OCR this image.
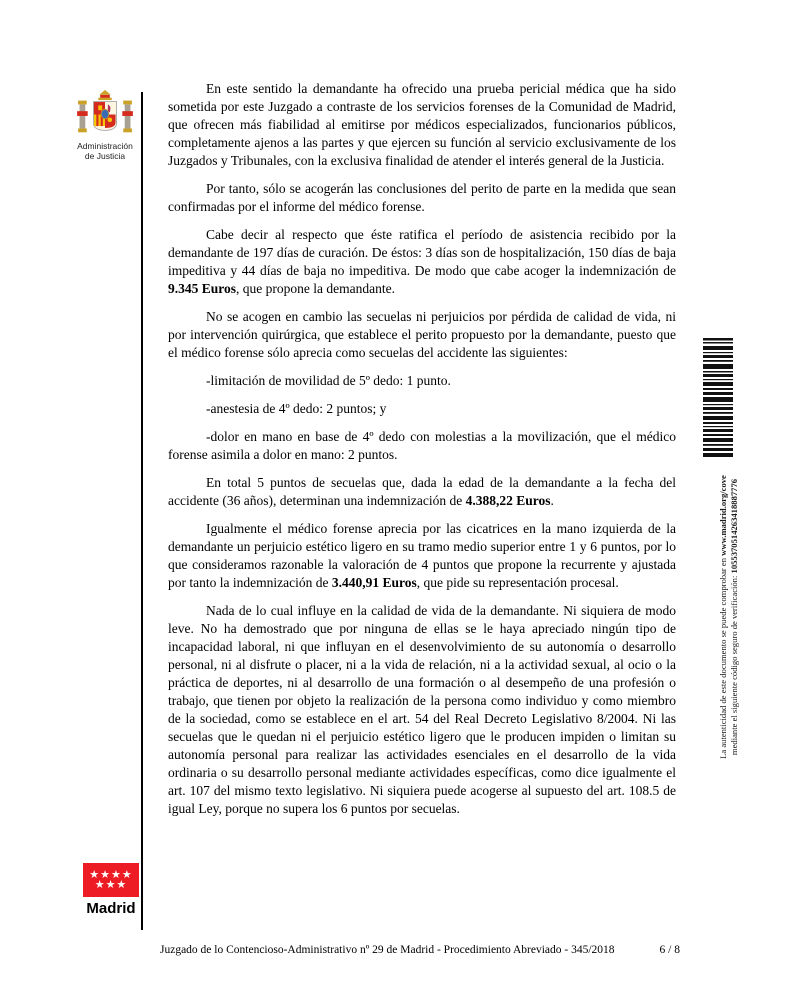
Administración
de Justicia

En este sentido la demandante ha ofrecido una prueba pericial médica que ha sido sometida por este Juzgado a contraste de los servicios forenses de la Comunidad de Madrid, que ofrecen más fiabilidad al emitirse por médicos especializados, funcionarios públicos, completamente ajenos a las partes y que ejercen su función al servicio exclusivamente de los Juzgados y Tribunales, con la exclusiva finalidad de atender el interés general de la Justicia.

Por tanto, sólo se acogerán las conclusiones del perito de parte en la medida que sean confirmadas por el informe del médico forense.

Cabe decir al respecto que éste ratifica el período de asistencia recibido por la demandante de 197 días de curación. De éstos: 3 días son de hospitalización, 150 días de baja impeditiva y 44 días de baja no impeditiva. De modo que cabe acoger la indemnización de 9.345 Euros, que propone la demandante.

No se acogen en cambio las secuelas ni perjuicios por pérdida de calidad de vida, ni por intervención quirúrgica, que establece el perito propuesto por la demandante, puesto que el médico forense sólo aprecia como secuelas del accidente las siguientes:

-limitación de movilidad de 5º dedo: 1 punto.

-anestesia de 4º dedo: 2 puntos; y

-dolor en mano en base de 4º dedo con molestias a la movilización, que el médico forense asimila a dolor en mano: 2 puntos.

En total 5 puntos de secuelas que, dada la edad de la demandante a la fecha del accidente (36 años), determinan una indemnización de 4.388,22 Euros.

Igualmente el médico forense aprecia por las cicatrices en la mano izquierda de la demandante un perjuicio estético ligero en su tramo medio superior entre 1 y 6 puntos, por lo que consideramos razonable la valoración de 4 puntos que propone la recurrente y ajustada por tanto la indemnización de 3.440,91 Euros, que pide su representación procesal.

Nada de lo cual influye en la calidad de vida de la demandante. Ni siquiera de modo leve. No ha demostrado que por ninguna de ellas se le haya apreciado ningún tipo de incapacidad laboral, ni que influyan en el desenvolvimiento de su autonomía o desarrollo personal, ni al disfrute o placer, ni a la vida de relación, ni a la actividad sexual, al ocio o la práctica de deportes, ni al desarrollo de una formación o al desempeño de una profesión o trabajo, que tienen por objeto la realización de la persona como individuo y como miembro de la sociedad, como se establece en el art. 54 del Real Decreto Legislativo 8/2004. Ni las secuelas que le quedan ni el perjuicio estético ligero que le producen impiden o limitan su autonomía personal para realizar las actividades esenciales en el desarrollo de la vida ordinaria o su desarrollo personal mediante actividades específicas, como dice igualmente el art. 107 del mismo texto legislativo. Ni siquiera puede acogerse al supuesto del art. 108.5 de igual Ley, porque no supera los 6 puntos por secuelas.

La autenticidad de este documento se puede comprobar en www.madrid.org/cove
mediante el siguiente código seguro de verificación: 1055370514263418887776
★★★★
★★★
Madrid
Juzgado de lo Contencioso-Administrativo nº 29 de Madrid - Procedimiento Abreviado - 345/2018	6 / 8
